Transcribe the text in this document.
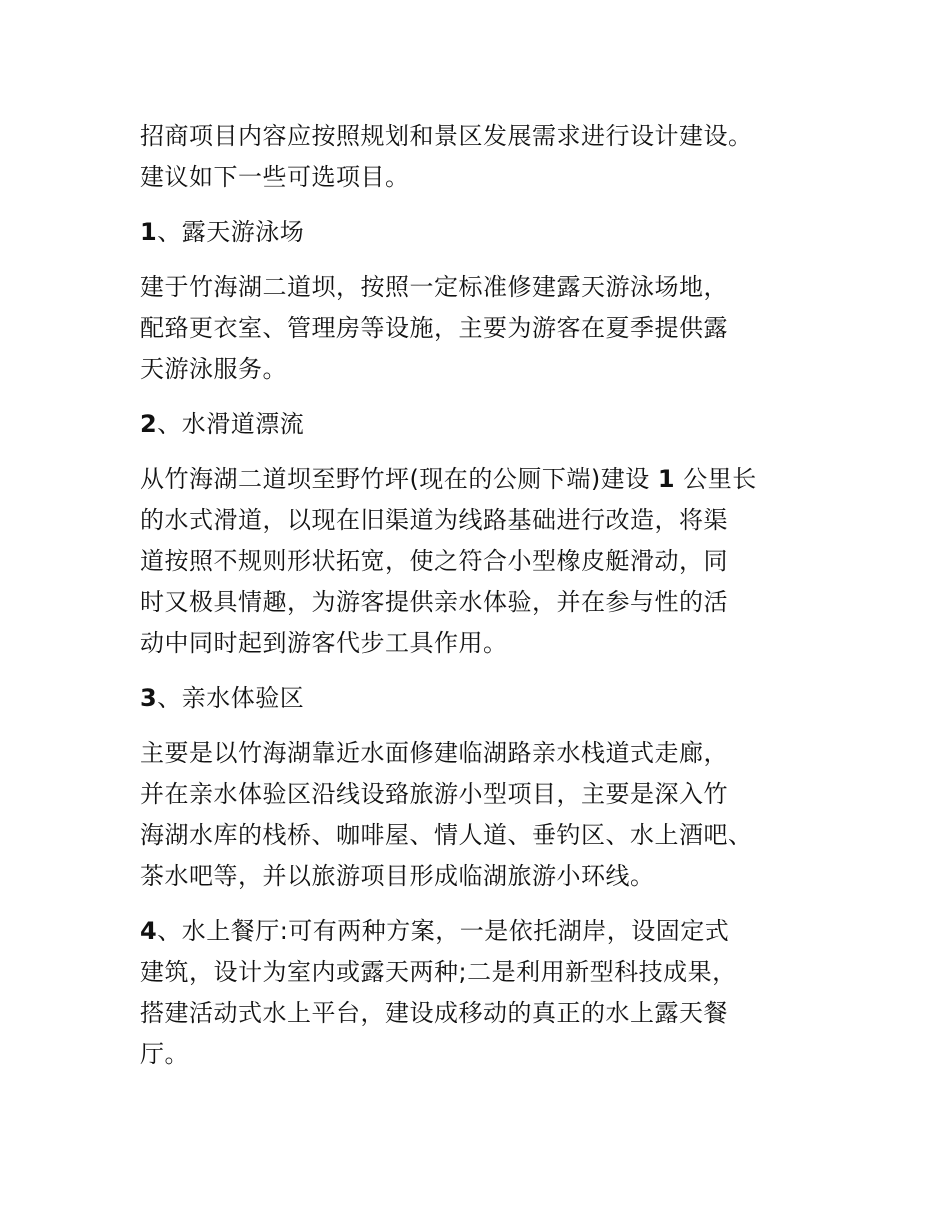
招商项目内容应按照规划和景区发展需求进行设计建设。
建议如下一些可选项目。

1、露天游泳场

建于竹海湖二道坝，按照一定标准修建露天游泳场地，
配臵更衣室、管理房等设施，主要为游客在夏季提供露
天游泳服务。

2、水滑道漂流

从竹海湖二道坝至野竹坪(现在的公厕下端)建设 1 公里长
的水式滑道，以现在旧渠道为线路基础进行改造，将渠
道按照不规则形状拓宽，使之符合小型橡皮艇滑动，同
时又极具情趣，为游客提供亲水体验，并在参与性的活
动中同时起到游客代步工具作用。

3、亲水体验区

主要是以竹海湖靠近水面修建临湖路亲水栈道式走廊，
并在亲水体验区沿线设臵旅游小型项目，主要是深入竹
海湖水库的栈桥、咖啡屋、情人道、垂钓区、水上酒吧、
茶水吧等，并以旅游项目形成临湖旅游小环线。

4、水上餐厅:可有两种方案，一是依托湖岸，设固定式
建筑，设计为室内或露天两种;二是利用新型科技成果，
搭建活动式水上平台，建设成移动的真正的水上露天餐
厅。
